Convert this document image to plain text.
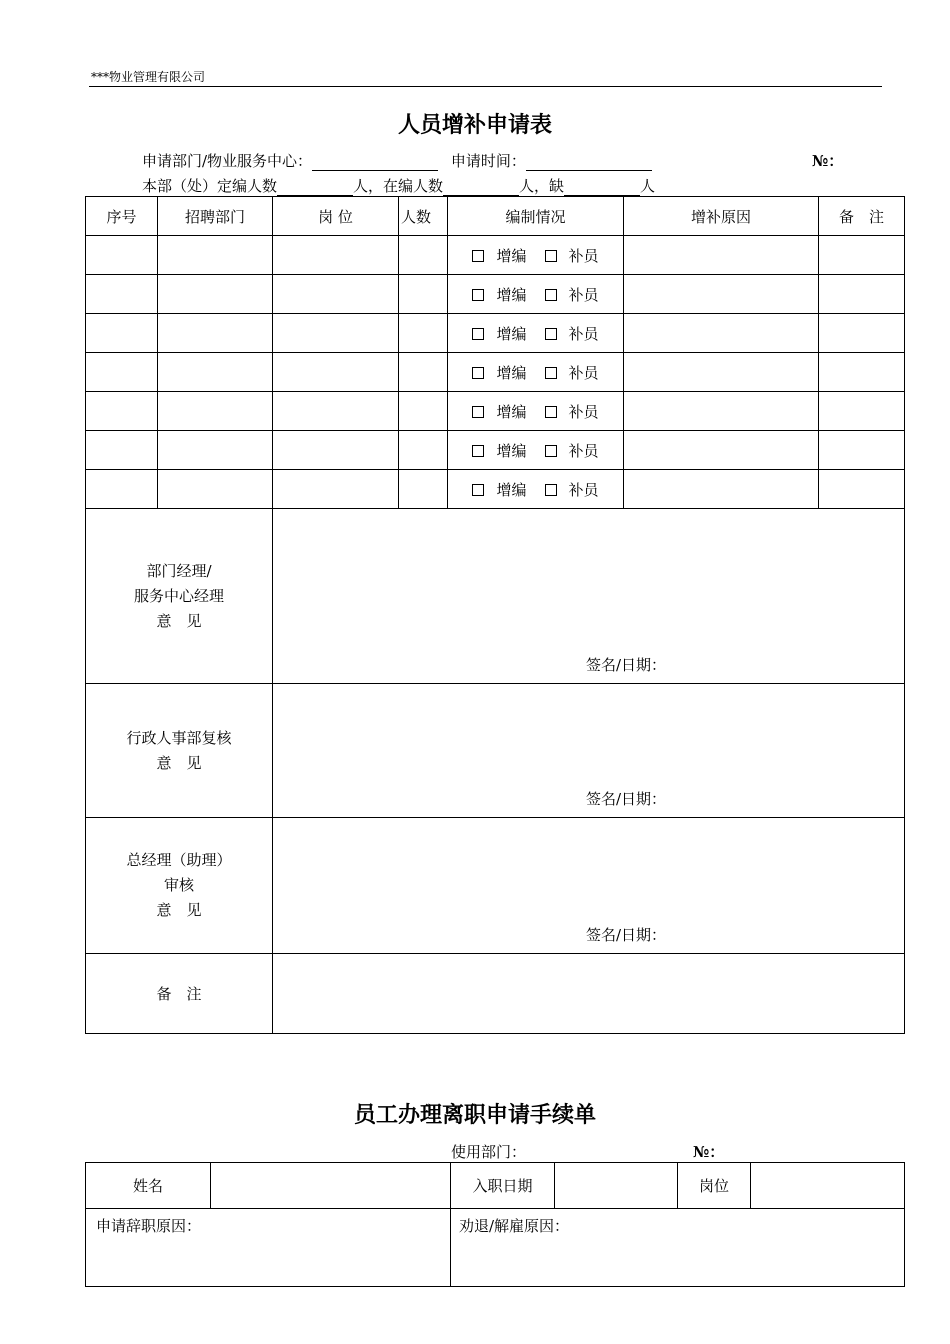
***物业管理有限公司
人员增补申请表
申请部门/物业服务中心：	申请时间：	№：
本部（处）定编人数	人，在编人数	人，缺	人
序号	招聘部门	岗 位	人数	编制情况	增补原因	备　注
				增编 补员		
				增编 补员		
				增编 补员		
				增编 补员		
				增编 补员		
				增编 补员		
				增编 补员		

部门经理/
服务中心经理
意　见		签名/日期：				

行政人事部复核
意　见		签名/日期：				

总经理（助理）
审核
意　见		签名/日期：				

备　注						
员工办理离职申请手续单
使用部门：	№：
姓名		入职日期		岗位	
申请辞职原因：		劝退/解雇原因：			
